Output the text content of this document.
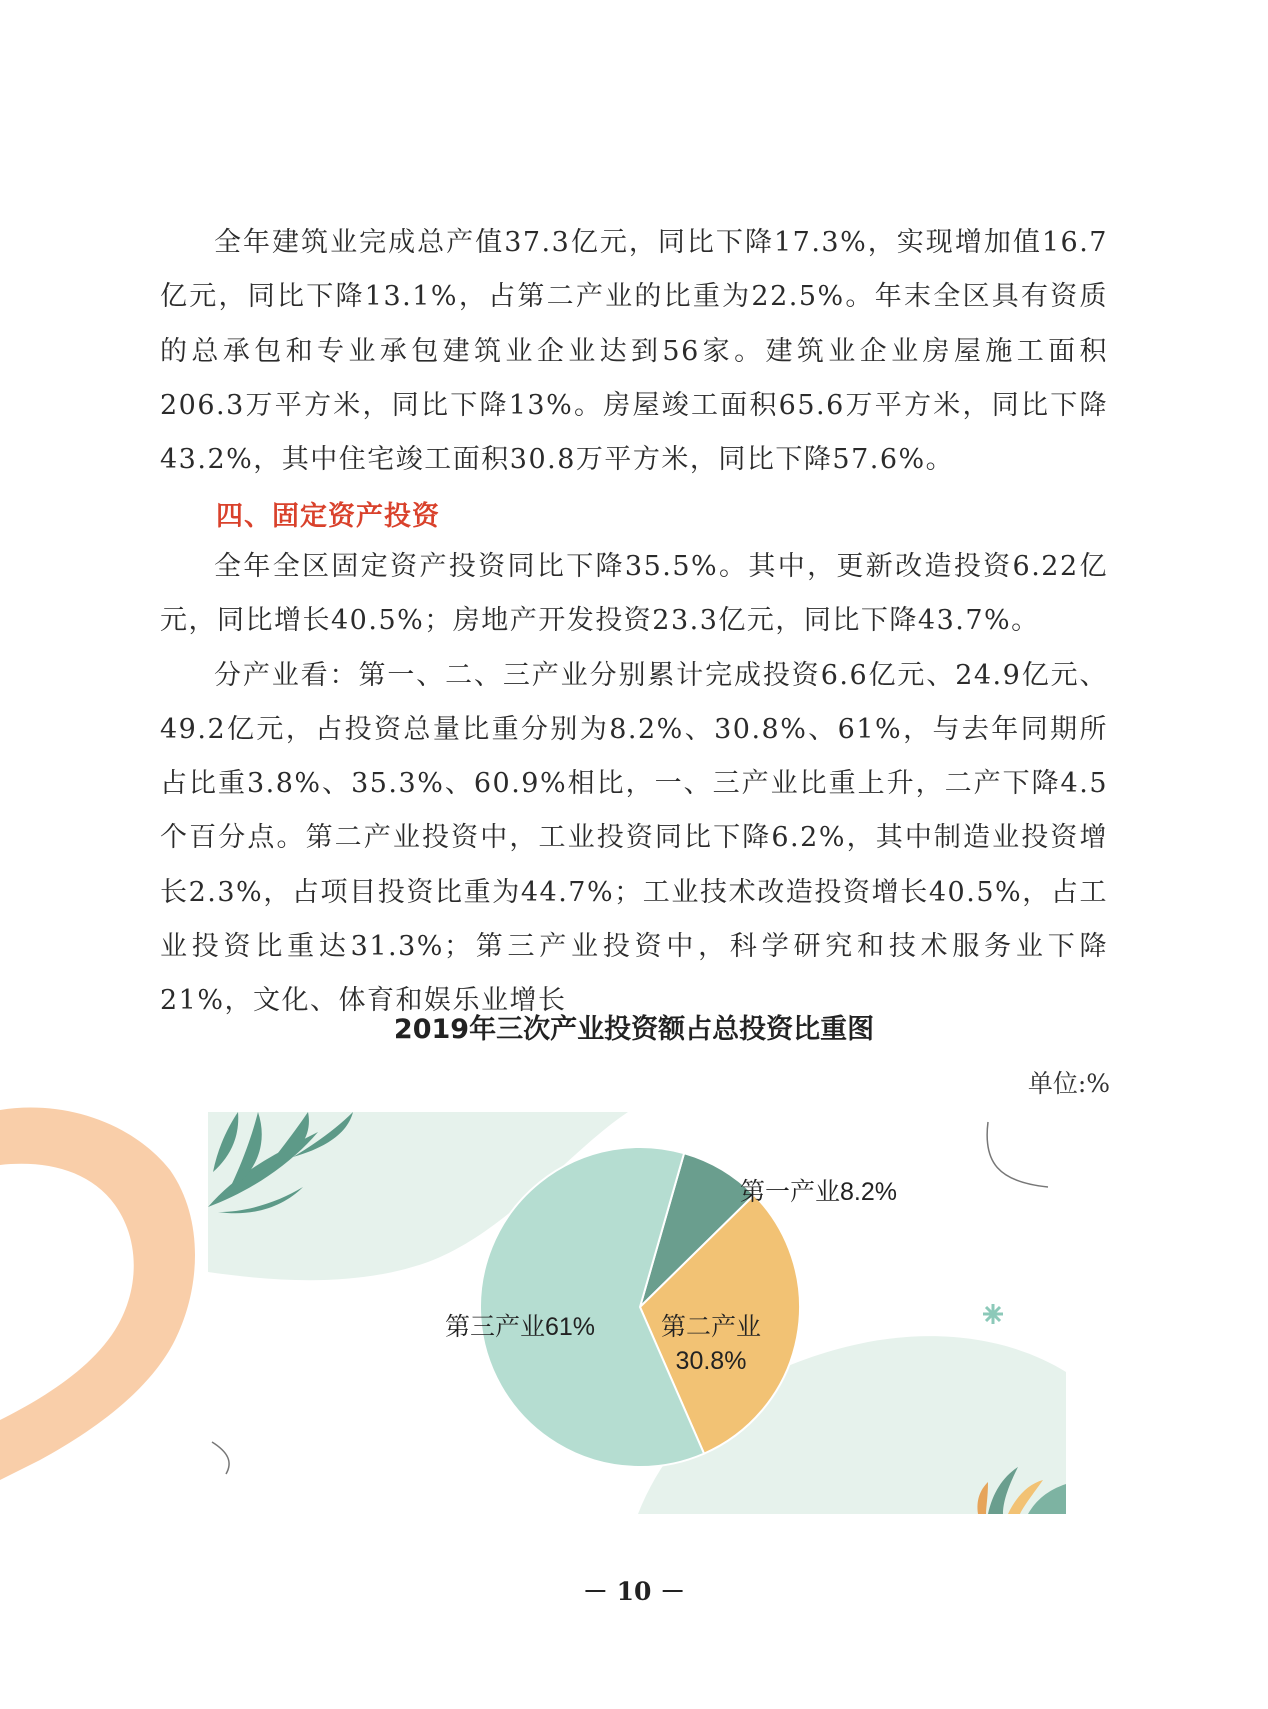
全年建筑业完成总产值37.3亿元，同比下降17.3%，实现增加值16.7亿元，同比下降13.1%，占第二产业的比重为22.5%。年末全区具有资质的总承包和专业承包建筑业企业达到56家。建筑业企业房屋施工面积206.3万平方米，同比下降13%。房屋竣工面积65.6万平方米，同比下降43.2%，其中住宅竣工面积30.8万平方米，同比下降57.6%。

四、固定资产投资

全年全区固定资产投资同比下降35.5%。其中，更新改造投资6.22亿元，同比增长40.5%；房地产开发投资23.3亿元，同比下降43.7%。

分产业看：第一、二、三产业分别累计完成投资6.6亿元、24.9亿元、49.2亿元，占投资总量比重分别为8.2%、30.8%、61%，与去年同期所占比重3.8%、35.3%、60.9%相比，一、三产业比重上升，二产下降4.5个百分点。第二产业投资中，工业投资同比下降6.2%，其中制造业投资增长2.3%，占项目投资比重为44.7%；工业技术改造投资增长40.5%，占工业投资比重达31.3%；第三产业投资中，科学研究和技术服务业下降21%，文化、体育和娱乐业增长

2019年三次产业投资额占总投资比重图
单位:%
第一产业8.2%
第二产业
30.8%
第三产业61%
－ 10 －
